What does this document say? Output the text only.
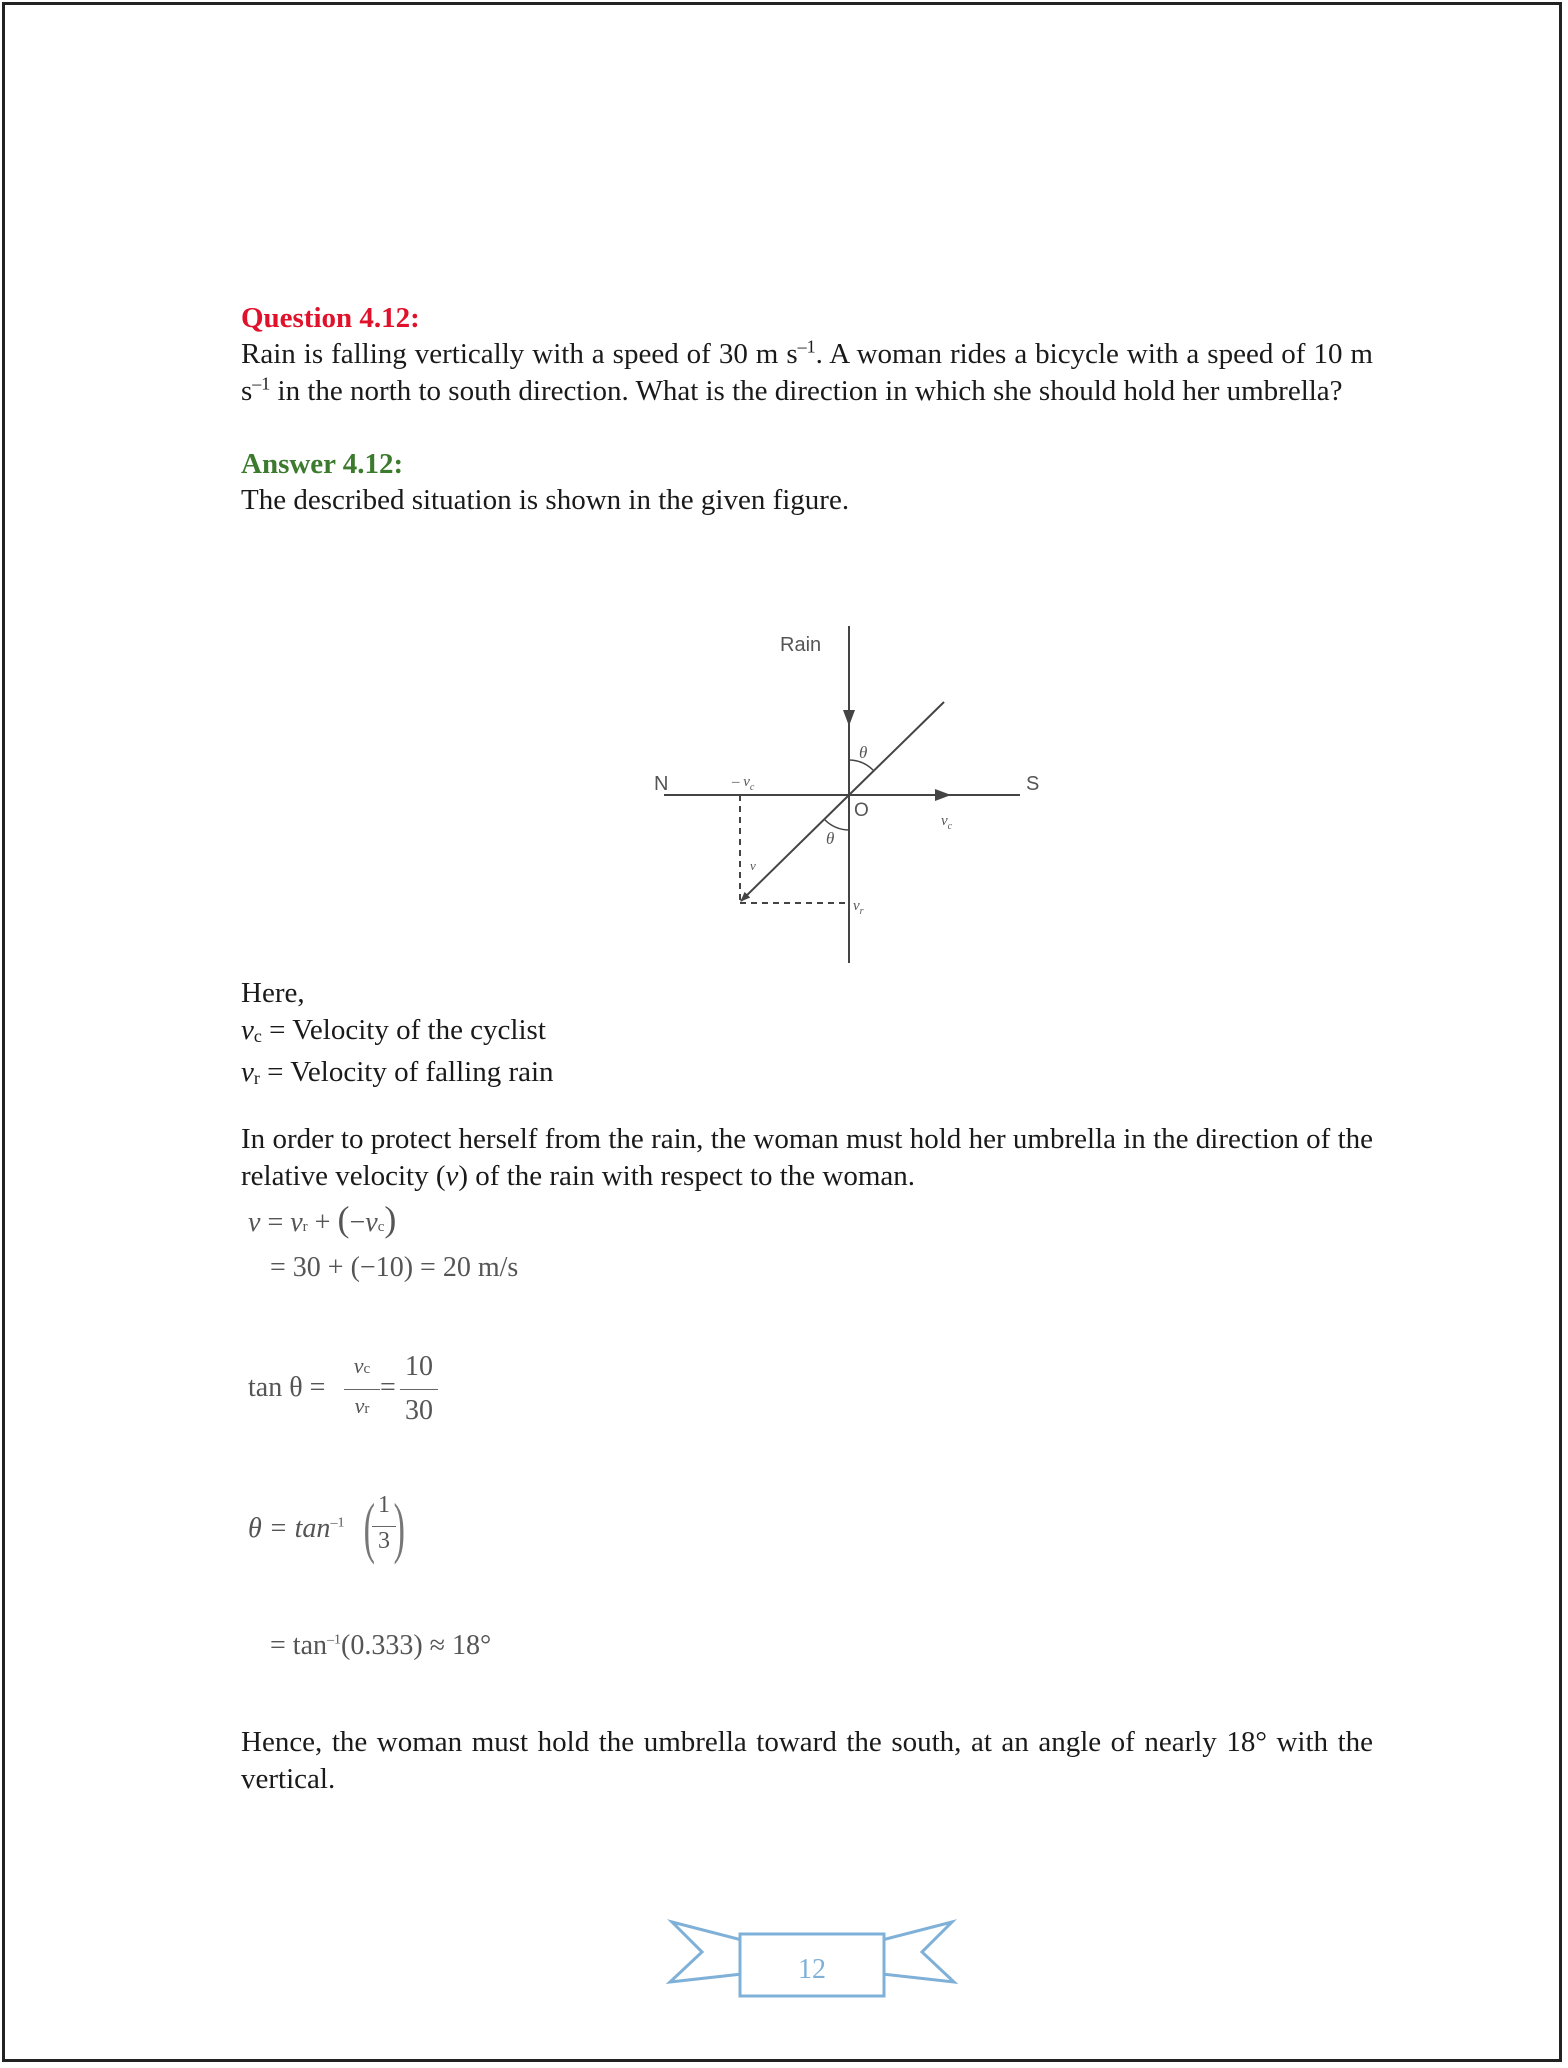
Question 4.12:

Rain is falling vertically with a speed of 30 m $s^{-1}$. A woman rides a bicycle with a speed of 10 m $s^{-1}$ in the north to south direction. What is the direction in which she should hold her umbrella?

Answer 4.12:

The described situation is shown in the given figure.

Rain
N	S
O
θ
θ
– $v_c$
$v_c$
$v_r$
v
Here,
vc = Velocity of the cyclist
vr = Velocity of falling rain

In order to protect herself from the rain, the woman must hold her umbrella in the direction of the relative velocity (v) of the rain with respect to the woman.

v = vr + (−vc)
= 30 + (−10) = 20 m/s
tan θ =
vc
vr
=
10
30
$\theta = \tan^{-1}$ ( 1
3 )
= $\tan^{-1}(0.333) \approx 18^\circ$

Hence, the woman must hold the umbrella toward the south, at an angle of nearly 18° with the vertical.

12
